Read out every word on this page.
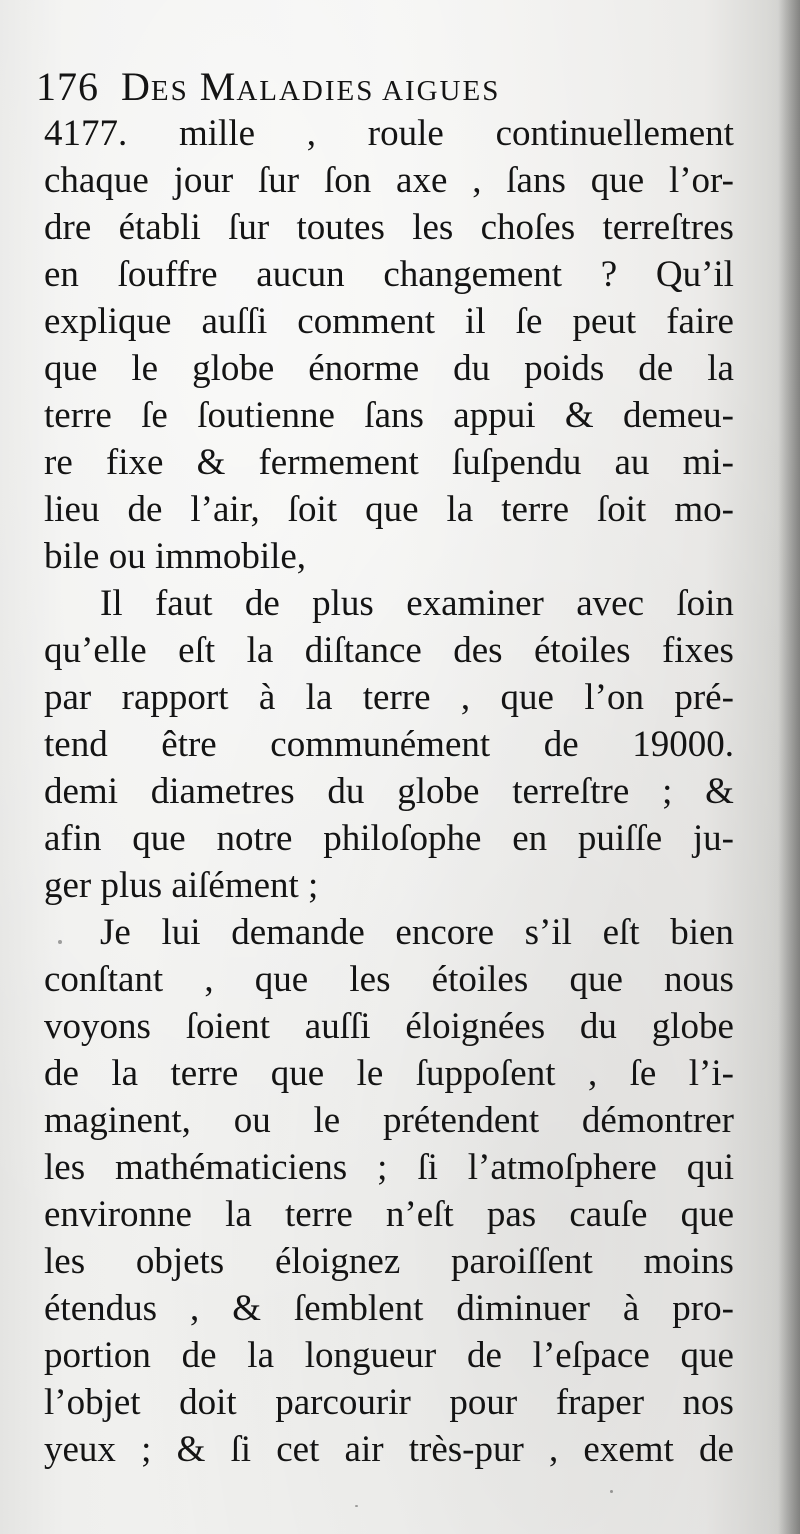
176 DES MALADIES AIGUES
4177. mille , roule continuellement
chaque jour ſur ſon axe , ſans que l’or-
dre établi ſur toutes les choſes terreſtres
en ſouffre aucun changement ? Qu’il
explique auſſi comment il ſe peut faire
que le globe énorme du poids de la
terre ſe ſoutienne ſans appui & demeu-
re fixe & fermement ſuſpendu au mi-
lieu de l’air, ſoit que la terre ſoit mo-
bile ou immobile,
Il faut de plus examiner avec ſoin
qu’elle eſt la diſtance des étoiles fixes
par rapport à la terre , que l’on pré-
tend être communément de 19000.
demi diametres du globe terreſtre ; &
afin que notre philoſophe en puiſſe ju-
ger plus aiſément ;
Je lui demande encore s’il eſt bien
conſtant , que les étoiles que nous
voyons ſoient auſſi éloignées du globe
de la terre que le ſuppoſent , ſe l’i-
maginent, ou le prétendent démontrer
les mathématiciens ; ſi l’atmoſphere qui
environne la terre n’eſt pas cauſe que
les objets éloignez paroiſſent moins
étendus , & ſemblent diminuer à pro-
portion de la longueur de l’eſpace que
l’objet doit parcourir pour fraper nos
yeux ; & ſi cet air très-pur , exemt de
